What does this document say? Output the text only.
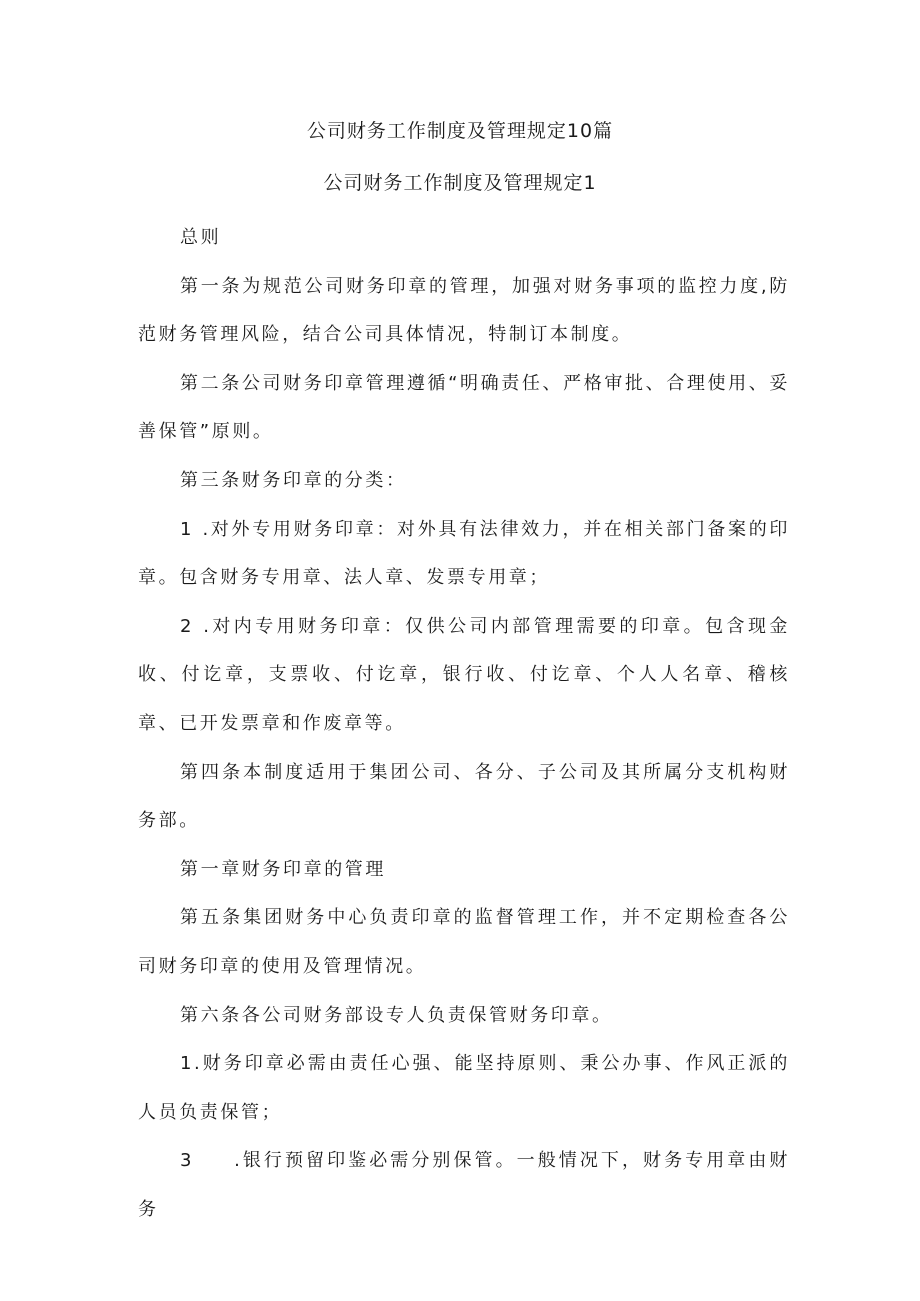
公司财务工作制度及管理规定10篇
公司财务工作制度及管理规定1

总则

第一条为规范公司财务印章的管理，加强对财务事项的监控力度,防范财务管理风险，结合公司具体情况，特制订本制度。

第二条公司财务印章管理遵循“明确责任、严格审批、合理使用、妥善保管”原则。

第三条财务印章的分类：

1 .对外专用财务印章：对外具有法律效力，并在相关部门备案的印章。包含财务专用章、法人章、发票专用章；

2 .对内专用财务印章：仅供公司内部管理需要的印章。包含现金收、付讫章，支票收、付讫章，银行收、付讫章、个人人名章、稽核章、已开发票章和作废章等。

第四条本制度适用于集团公司、各分、子公司及其所属分支机构财务部。

第一章财务印章的管理

第五条集团财务中心负责印章的监督管理工作，并不定期检查各公司财务印章的使用及管理情况。

第六条各公司财务部设专人负责保管财务印章。

1.财务印章必需由责任心强、能坚持原则、秉公办事、作风正派的人员负责保管；

3 .银行预留印鉴必需分别保管。一般情况下，财务专用章由财务
